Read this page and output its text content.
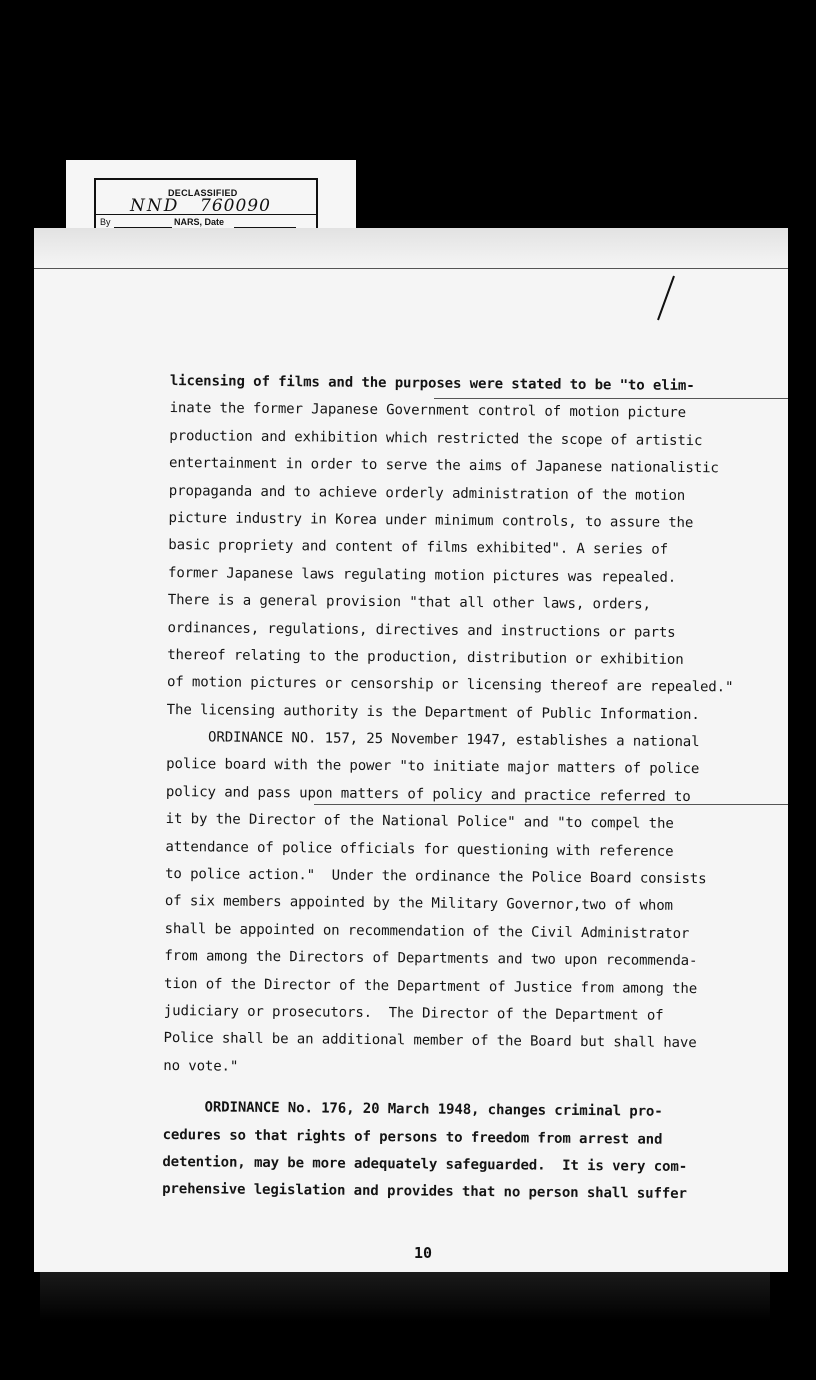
DECLASSIFIED
NND 760090
By	NARS, Date
licensing of films and the purposes were stated to be "to elim-
inate the former Japanese Government control of motion picture
production and exhibition which restricted the scope of artistic
entertainment in order to serve the aims of Japanese nationalistic
propaganda and to achieve orderly administration of the motion
picture industry in Korea under minimum controls, to assure the
basic propriety and content of films exhibited". A series of
former Japanese laws regulating motion pictures was repealed.
There is a general provision "that all other laws, orders,
ordinances, regulations, directives and instructions or parts
thereof relating to the production, distribution or exhibition
of motion pictures or censorship or licensing thereof are repealed."
The licensing authority is the Department of Public Information.
ORDINANCE NO. 157, 25 November 1947, establishes a national
police board with the power "to initiate major matters of police
policy and pass upon matters of policy and practice referred to
it by the Director of the National Police" and "to compel the
attendance of police officials for questioning with reference
to police action."  Under the ordinance the Police Board consists
of six members appointed by the Military Governor,two of whom
shall be appointed on recommendation of the Civil Administrator
from among the Directors of Departments and two upon recommenda-
tion of the Director of the Department of Justice from among the
judiciary or prosecutors.  The Director of the Department of
Police shall be an additional member of the Board but shall have
no vote."
ORDINANCE No. 176, 20 March 1948, changes criminal pro-
cedures so that rights of persons to freedom from arrest and
detention, may be more adequately safeguarded.  It is very com-
prehensive legislation and provides that no person shall suffer
10
